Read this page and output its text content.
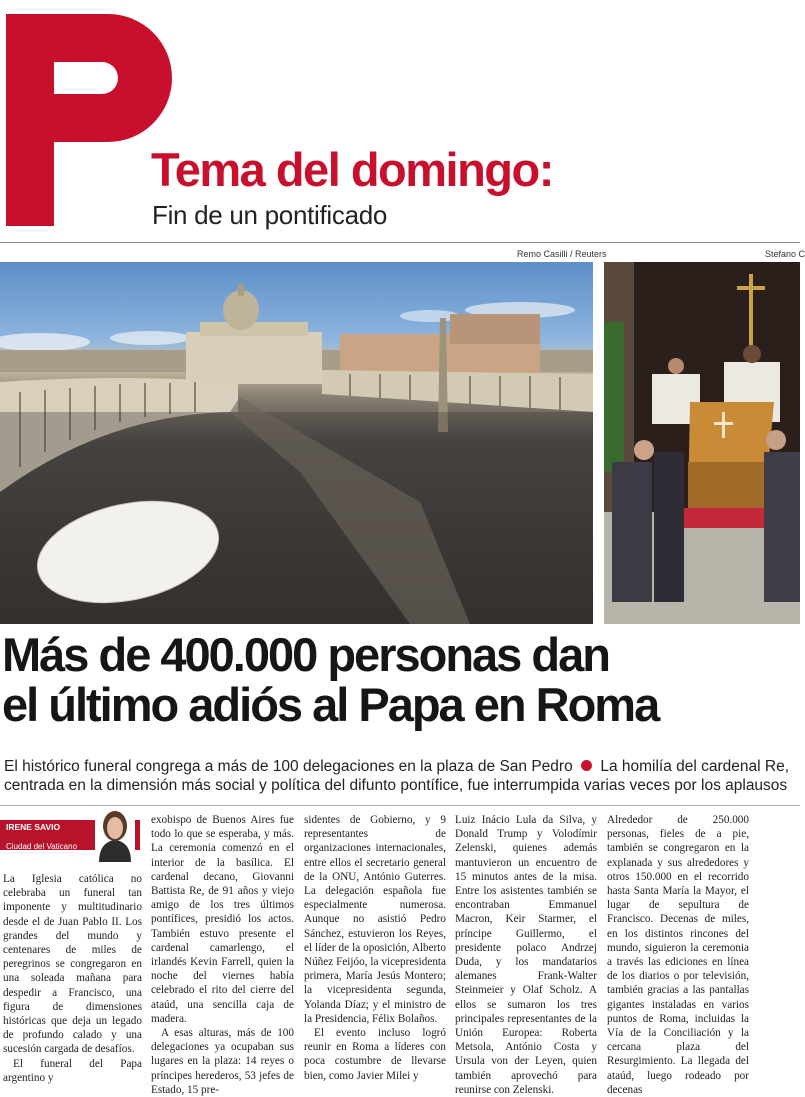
Tema del domingo:
Fin de un pontificado
Remo Casilli / Reuters	Stefano C
Más de 400.000 personas dan
el último adiós al Papa en Roma
El histórico funeral congrega a más de 100 delegaciones en la plaza de San Pedro La homilía del cardenal Re, centrada en la dimensión más social y política del difunto pontífice, fue interrumpida varias veces por los aplausos
IRENE SAVIO
Ciudad del Vaticano

La Iglesia católica no celebraba un funeral tan imponente y multitudinario desde el de Juan Pablo II. Los grandes del mundo y centenares de miles de peregrinos se congregaron en una soleada mañana para despedir a Francisco, una figura de dimensiones históricas que deja un legado de profundo calado y una sucesión cargada de desafíos.

El funeral del Papa argentino y

exobispo de Buenos Aires fue todo lo que se esperaba, y más. La ceremonia comenzó en el interior de la basílica. El cardenal decano, Giovanni Battista Re, de 91 años y viejo amigo de los tres últimos pontífices, presidió los actos. También estuvo presente el cardenal camarlengo, el irlandés Kevin Farrell, quien la noche del viernes había celebrado el rito del cierre del ataúd, una sencilla caja de madera.

A esas alturas, más de 100 delegaciones ya ocupaban sus lugares en la plaza: 14 reyes o príncipes herederos, 53 jefes de Estado, 15 pre-

sidentes de Gobierno, y 9 representantes de organizaciones internacionales, entre ellos el secretario general de la ONU, António Guterres. La delegación española fue especialmente numerosa. Aunque no asistió Pedro Sánchez, estuvieron los Reyes, el líder de la oposición, Alberto Núñez Feijóo, la vicepresidenta primera, María Jesús Montero; la vicepresidenta segunda, Yolanda Díaz; y el ministro de la Presidencia, Félix Bolaños.

El evento incluso logró reunir en Roma a líderes con poca costumbre de llevarse bien, como Javier Milei y

Luiz Inácio Lula da Silva, y Donald Trump y Volodímir Zelenski, quienes además mantuvieron un encuentro de 15 minutos antes de la misa. Entre los asistentes también se encontraban Emmanuel Macron, Keir Starmer, el príncipe Guillermo, el presidente polaco Andrzej Duda, y los mandatarios alemanes Frank-Walter Steinmeier y Olaf Scholz. A ellos se sumaron los tres principales representantes de la Unión Europea: Roberta Metsola, António Costa y Ursula von der Leyen, quien también aprovechó para reunirse con Zelenski.

Alrededor de 250.000 personas, fieles de a pie, también se congregaron en la explanada y sus alrededores y otros 150.000 en el recorrido hasta Santa María la Mayor, el lugar de sepultura de Francisco. Decenas de miles, en los distintos rincones del mundo, siguieron la ceremonia a través las ediciones en línea de los diarios o por televisión, también gracias a las pantallas gigantes instaladas en varios puntos de Roma, incluidas la Vía de la Conciliación y la cercana plaza del Resurgimiento. La llegada del ataúd, luego rodeado por decenas
